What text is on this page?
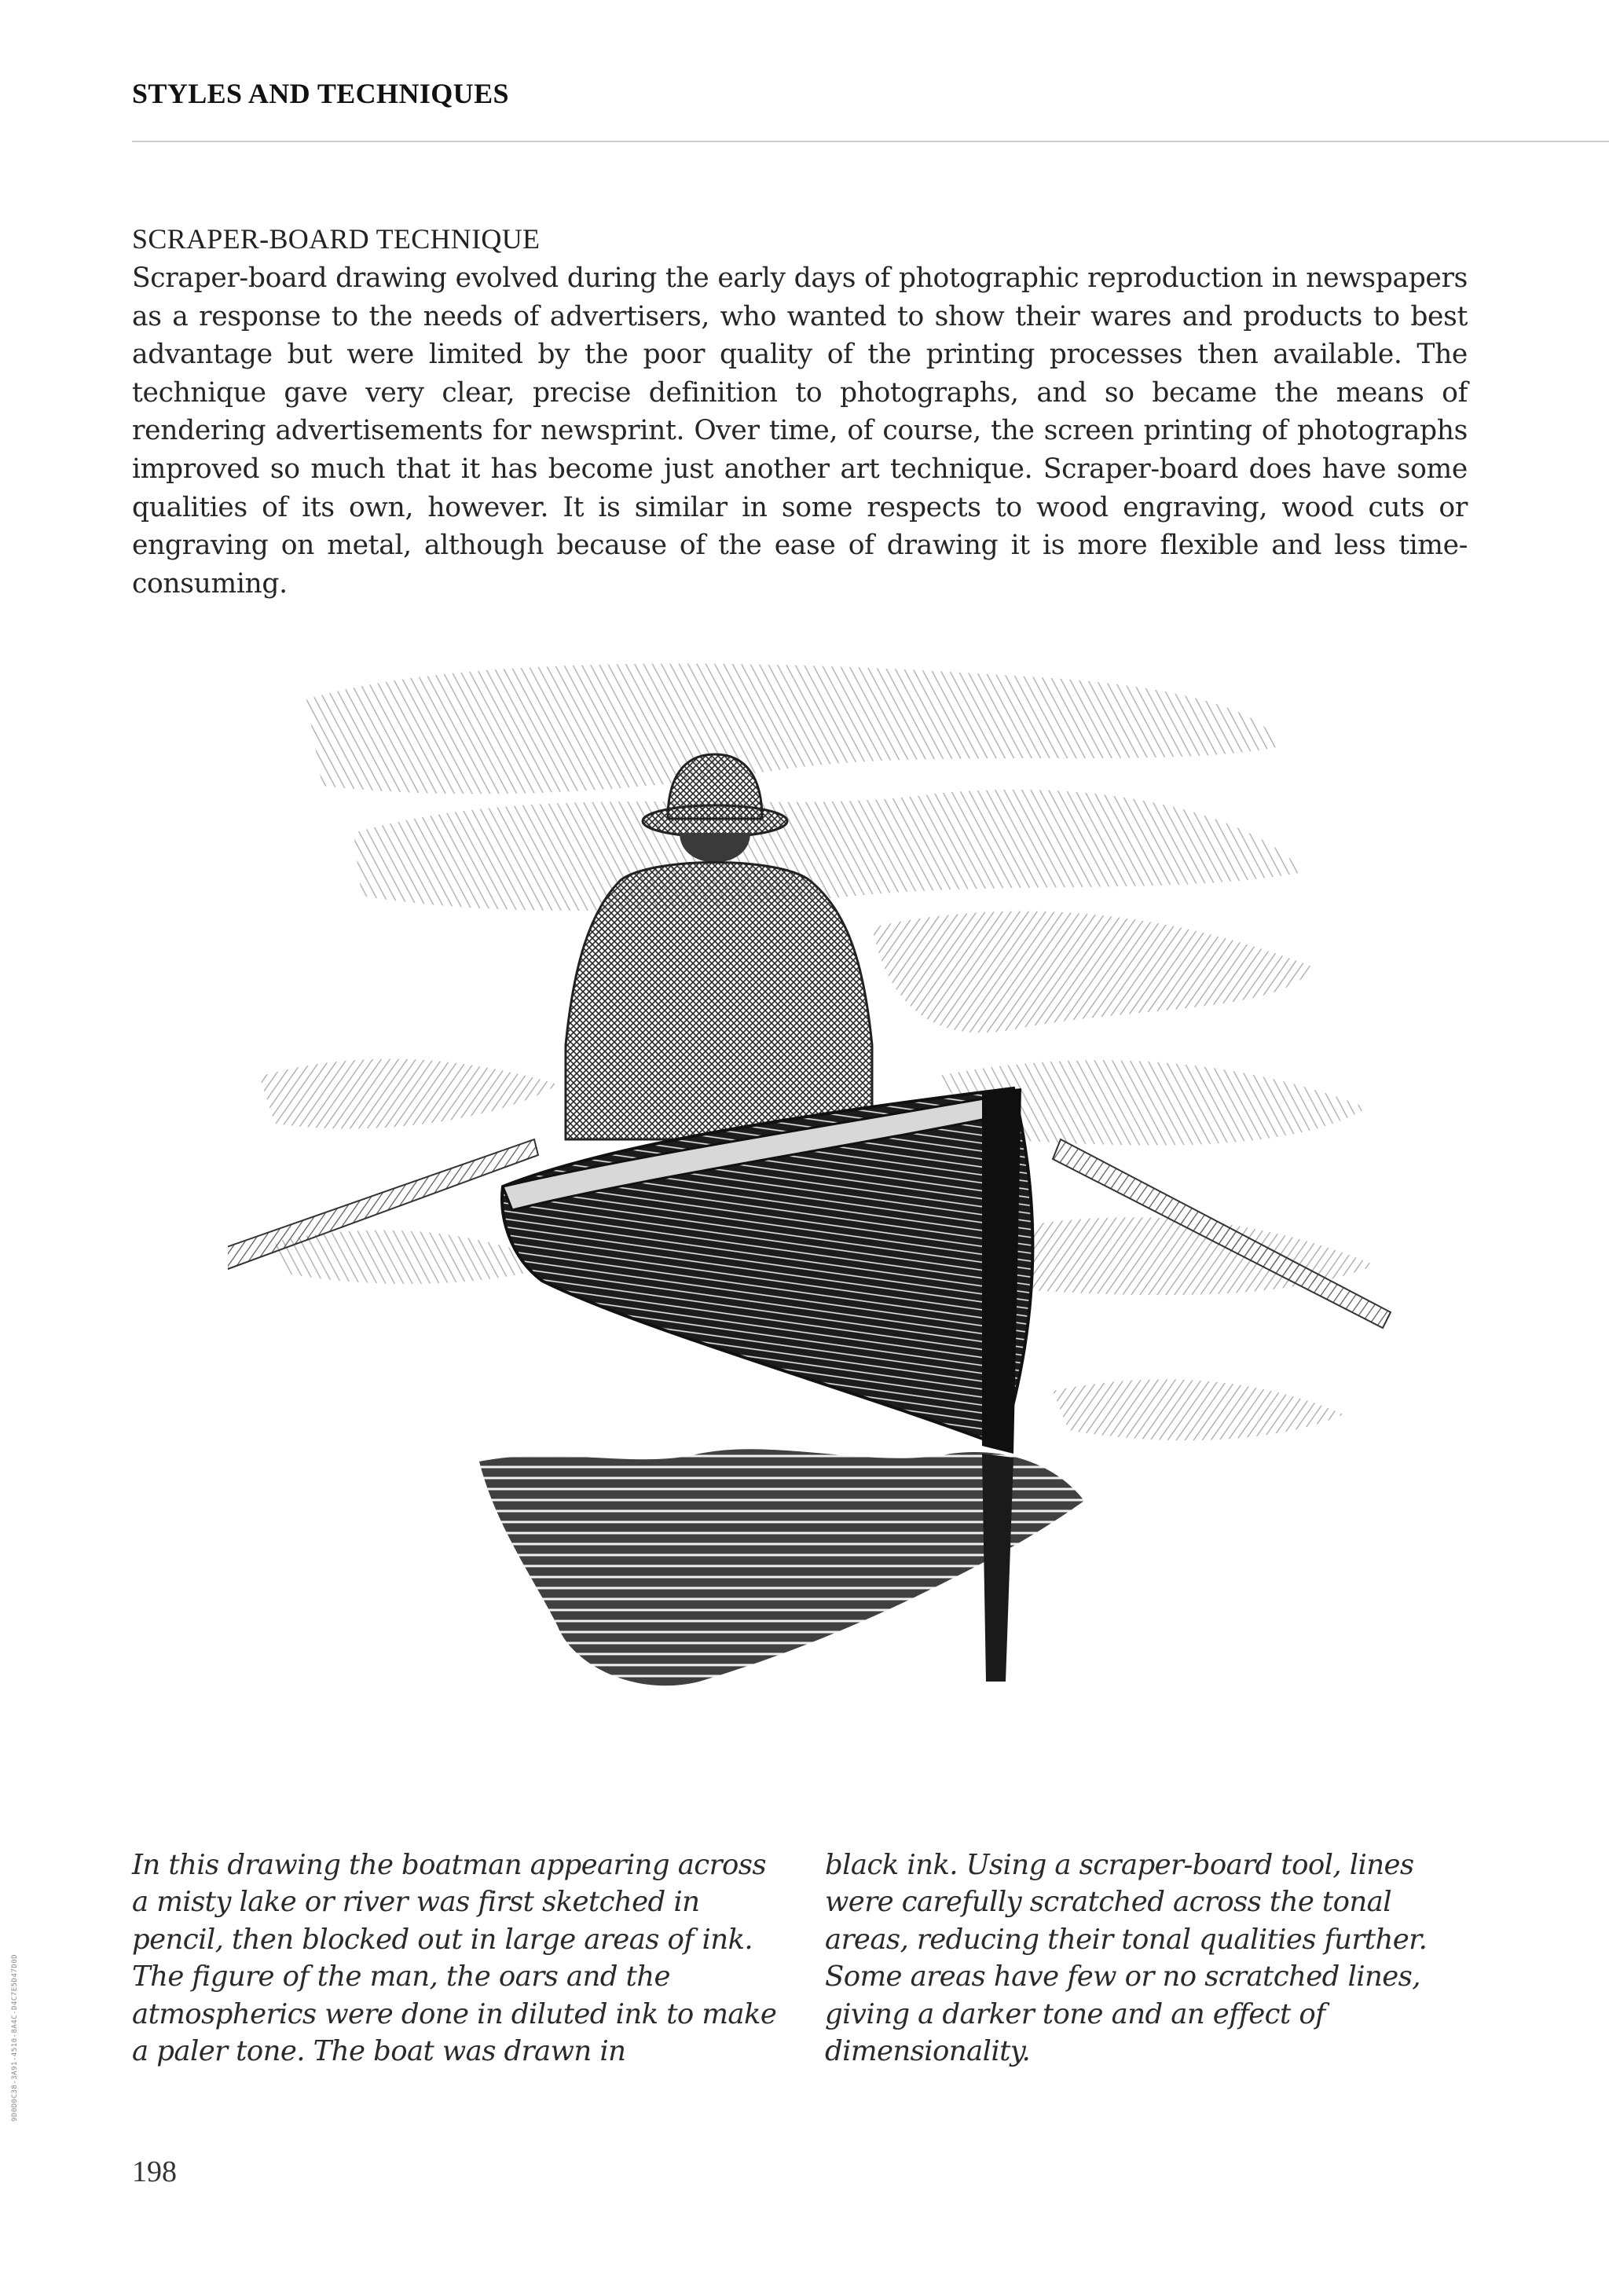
STYLES AND TECHNIQUES
SCRAPER-BOARD TECHNIQUE

Scraper-board drawing evolved during the early days of photographic reproduction in newspapers as a response to the needs of advertisers, who wanted to show their wares and products to best advantage but were limited by the poor quality of the printing processes then available. The technique gave very clear, precise definition to photographs, and so became the means of rendering advertisements for newsprint. Over time, of course, the screen printing of photographs improved so much that it has become just another art technique. Scraper-board does have some qualities of its own, however. It is similar in some respects to wood engraving, wood cuts or engraving on metal, although because of the ease of drawing it is more flexible and less time-consuming.

In this drawing the boatman appearing across a misty lake or river was first sketched in pencil, then blocked out in large areas of ink. The figure of the man, the oars and the atmospherics were done in diluted ink to make a paler tone. The boat was drawn in

black ink. Using a scraper-board tool, lines were carefully scratched across the tonal areas, reducing their tonal qualities further. Some areas have few or no scratched lines, giving a darker tone and an effect of dimensionality.

198
9D0D0C38-3A91-4510-8A4C-D4C7E5D47D0D
